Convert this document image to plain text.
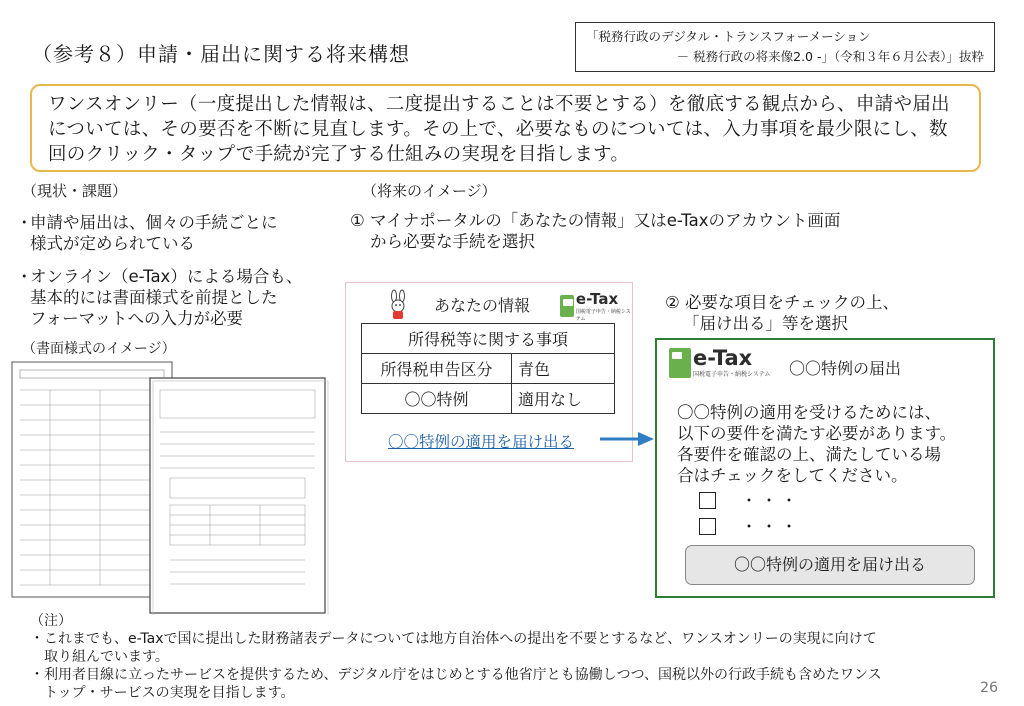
（参考８）申請・届出に関する将来構想
「税務行政のデジタル・トランスフォーメーション
－ 税務行政の将来像2.0 -」（令和３年６月公表）」抜粋
ワンスオンリー（一度提出した情報は、二度提出することは不要とする）を徹底する観点から、申請や届出については、その要否を不断に見直します。その上で、必要なものについては、入力事項を最少限にし、数回のクリック・タップで手続が完了する仕組みの実現を目指します。
（現状・課題）
・
申請や届出は、個々の手続ごとに
様式が定められている
・
オンライン（e-Tax）による場合も、
基本的には書面様式を前提とした
フォーマットへの入力が必要
（書面様式のイメージ）
（将来のイメージ）
① マイナポータルの「あなたの情報」又はe-Taxのアカウント画面
から必要な手続を選択
② 必要な項目をチェックの上、
「届け出る」等を選択
あなたの情報	e-Tax
国税電子申告・納税システム
所得税等に関する事項	
所得税申告区分	青色
〇〇特例	適用なし
〇〇特例の適用を届け出る
e-Tax
国税電子申告・納税システム 〇〇特例の届出
〇〇特例の適用を受けるためには、
以下の要件を満たす必要があります。
各要件を確認の上、満たしている場
合はチェックをしてください。
・・・
・・・
〇〇特例の適用を届け出る
（注）
・ これまでも、e-Taxで国に提出した財務諸表データについては地方自治体への提出を不要とするなど、ワンスオンリーの実現に向けて
取り組んでいます。
・ 利用者目線に立ったサービスを提供するため、デジタル庁をはじめとする他省庁とも協働しつつ、国税以外の行政手続も含めたワンス
トップ・サービスの実現を目指します。	26
